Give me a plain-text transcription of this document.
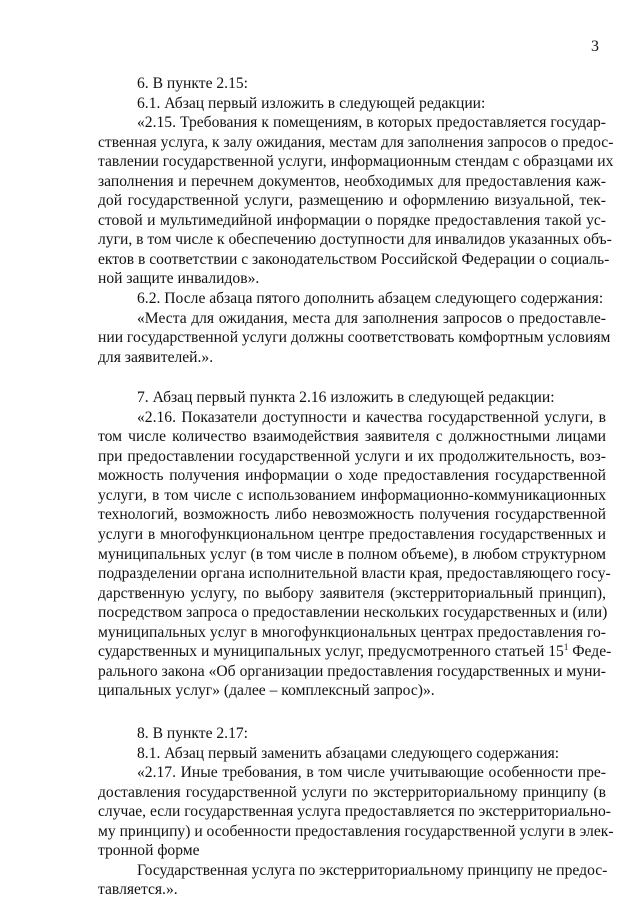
3
6. В пункте 2.15:
6.1. Абзац первый изложить в следующей редакции:
«2.15. Требования к помещениям, в которых предоставляется государ-
ственная услуга, к залу ожидания, местам для заполнения запросов о предос-
тавлении государственной услуги, информационным стендам с образцами их
заполнения и перечнем документов, необходимых для предоставления каж-
дой государственной услуги, размещению и оформлению визуальной, тек-
стовой и мультимедийной информации о порядке предоставления такой ус-
луги, в том числе к обеспечению доступности для инвалидов указанных объ-
ектов в соответствии с законодательством Российской Федерации о социаль-
ной защите инвалидов».
6.2. После абзаца пятого дополнить абзацем следующего содержания:
«Места для ожидания, места для заполнения запросов о предоставле-
нии государственной услуги должны соответствовать комфортным условиям
для заявителей.».
7. Абзац первый пункта 2.16 изложить в следующей редакции:
«2.16. Показатели доступности и качества государственной услуги, в
том числе количество взаимодействия заявителя с должностными лицами
при предоставлении государственной услуги и их продолжительность, воз-
можность получения информации о ходе предоставления государственной
услуги, в том числе с использованием информационно-коммуникационных
технологий, возможность либо невозможность получения государственной
услуги в многофункциональном центре предоставления государственных и
муниципальных услуг (в том числе в полном объеме), в любом структурном
подразделении органа исполнительной власти края, предоставляющего госу-
дарственную услугу, по выбору заявителя (экстерриториальный принцип),
посредством запроса о предоставлении нескольких государственных и (или)
муниципальных услуг в многофункциональных центрах предоставления го-
сударственных и муниципальных услуг, предусмотренного статьей $15^1$ Феде-
рального закона «Об организации предоставления государственных и муни-
ципальных услуг» (далее – комплексный запрос)».
8. В пункте 2.17:
8.1. Абзац первый заменить абзацами следующего содержания:
«2.17. Иные требования, в том числе учитывающие особенности пре-
доставления государственной услуги по экстерриториальному принципу (в
случае, если государственная услуга предоставляется по экстерриториально-
му принципу) и особенности предоставления государственной услуги в элек-
тронной форме
Государственная услуга по экстерриториальному принципу не предос-
тавляется.».
